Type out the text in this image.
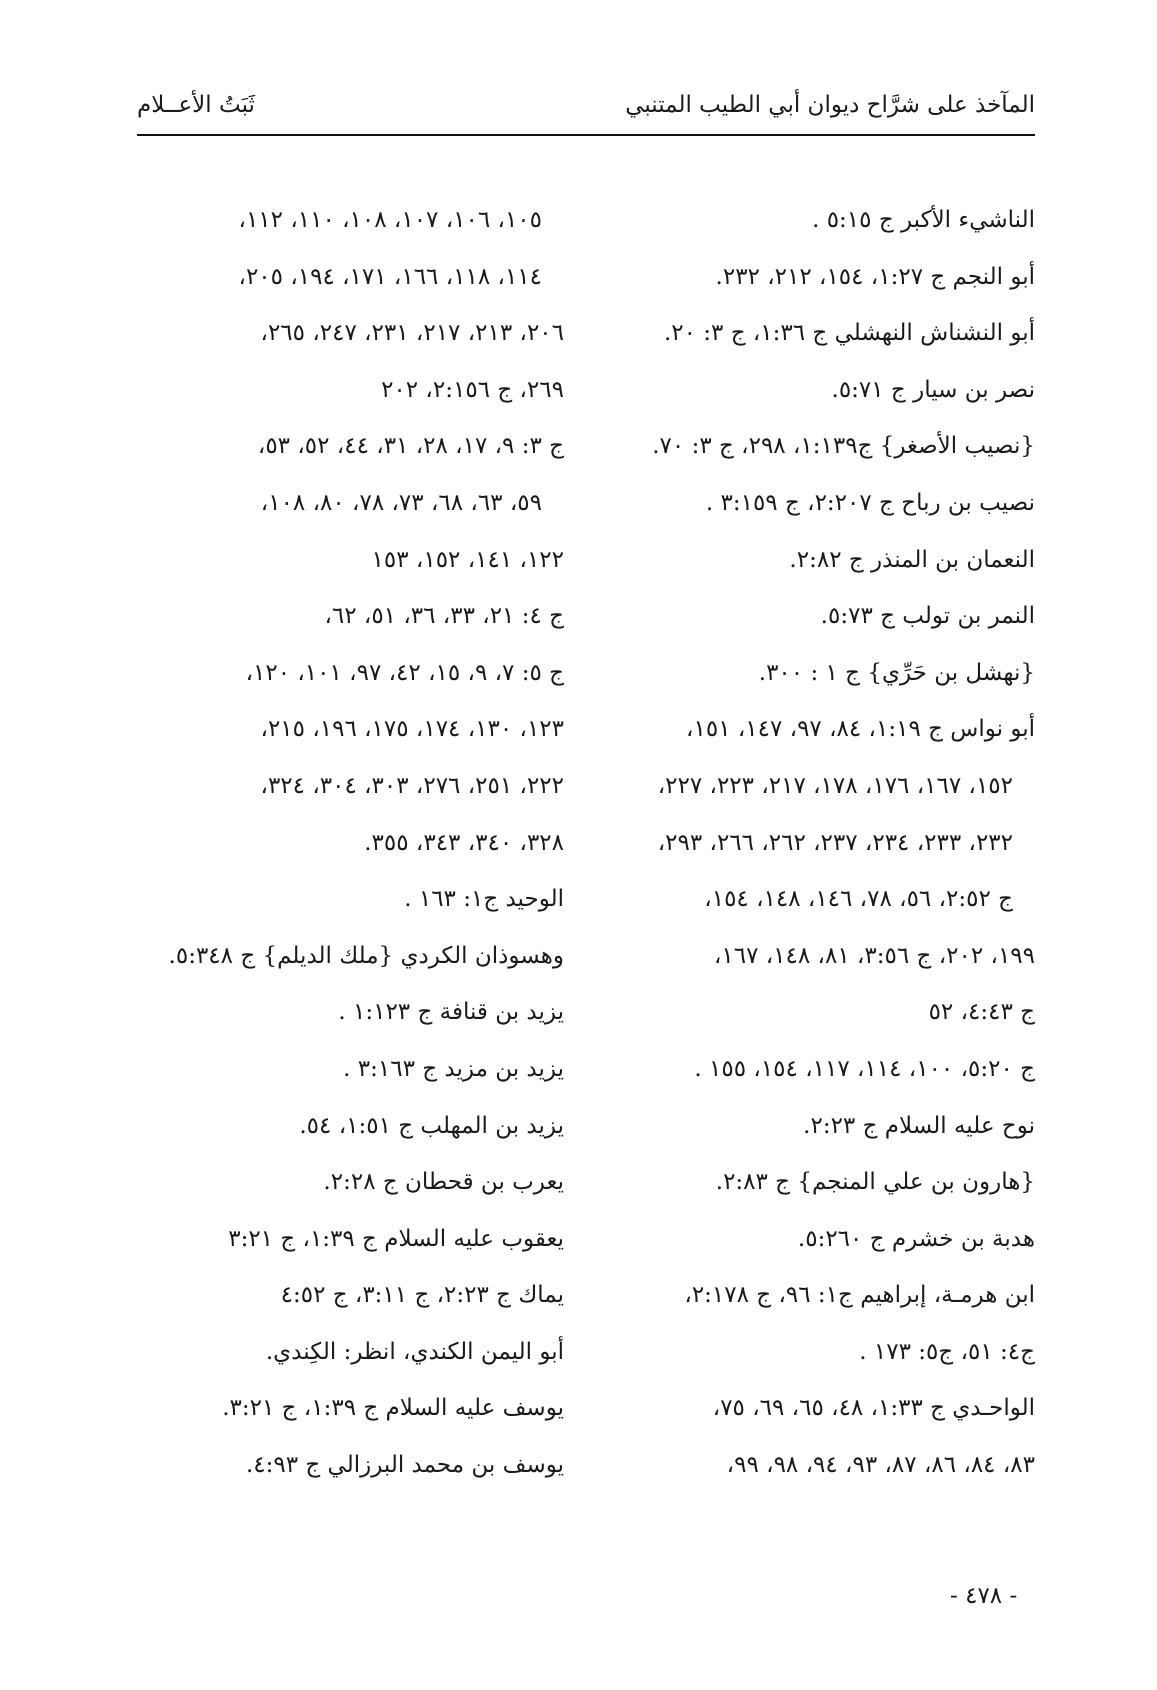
المآخذ على شرَّاح ديوان أبي الطيب المتنبي
ثَبَتُ الأعــلام
الناشيء الأكبر ج ٥:١٥ .
أبو النجم ج ١:٢٧، ١٥٤، ٢١٢، ٢٣٢.
أبو النشناش النهشلي ج ١:٣٦، ج ٣: ٢٠.
نصر بن سيار ج ٥:٧١.
{نصيب الأصغر} ج١:١٣٩، ٢٩٨، ج ٣: ٧٠.
نصيب بن رباح ج ٢:٢٠٧، ج ٣:١٥٩ .
النعمان بن المنذر ج ٢:٨٢.
النمر بن تولب ج ٥:٧٣.
{نهشل بن حَرِّي} ج ١ : ٣٠٠.
أبو نواس ج ١:١٩، ٨٤، ٩٧، ١٤٧، ١٥١،
١٥٢، ١٦٧، ١٧٦، ١٧٨، ٢١٧، ٢٢٣، ٢٢٧،
٢٣٢، ٢٣٣، ٢٣٤، ٢٣٧، ٢٦٢، ٢٦٦، ٢٩٣،
ج ٢:٥٢، ٥٦، ٧٨، ١٤٦، ١٤٨، ١٥٤،
١٩٩، ٢٠٢، ج ٣:٥٦، ٨١، ١٤٨، ١٦٧،
ج ٤:٤٣، ٥٢
ج ٥:٢٠، ١٠٠، ١١٤، ١١٧، ١٥٤، ١٥٥ .
نوح عليه السلام ج ٢:٢٣.
{هارون بن علي المنجم} ج ٢:٨٣.
هدبة بن خشرم ج ٥:٢٦٠.
ابن هرمـة، إبراهيم ج١: ٩٦، ج ٢:١٧٨،
ج٤: ٥١، ج٥: ١٧٣ .
الواحـدي ج ١:٣٣، ٤٨، ٦٥، ٦٩، ٧٥،
٨٣، ٨٤، ٨٦، ٨٧، ٩٣، ٩٤، ٩٨، ٩٩،
١٠٥، ١٠٦، ١٠٧، ١٠٨، ١١٠، ١١٢،
١١٤، ١١٨، ١٦٦، ١٧١، ١٩٤، ٢٠٥،
٢٠٦، ٢١٣، ٢١٧، ٢٣١، ٢٤٧، ٢٦٥،
٢٦٩، ج ٢:١٥٦، ٢٠٢
ج ٣: ٩، ١٧، ٢٨، ٣١، ٤٤، ٥٢، ٥٣،
٥٩، ٦٣، ٦٨، ٧٣، ٧٨، ٨٠، ١٠٨،
١٢٢، ١٤١، ١٥٢، ١٥٣
ج ٤: ٢١، ٣٣، ٣٦، ٥١، ٦٢،
ج ٥: ٧، ٩، ١٥، ٤٢، ٩٧، ١٠١، ١٢٠،
١٢٣، ١٣٠، ١٧٤، ١٧٥، ١٩٦، ٢١٥،
٢٢٢، ٢٥١، ٢٧٦، ٣٠٣، ٣٠٤، ٣٢٤،
٣٢٨، ٣٤٠، ٣٤٣، ٣٥٥.
الوحيد ج١: ١٦٣ .
وهسوذان الكردي {ملك الديلم} ج ٥:٣٤٨.
يزيد بن قنافة ج ١:١٢٣ .
يزيد بن مزيد ج ٣:١٦٣ .
يزيد بن المهلب ج ١:٥١، ٥٤.
يعرب بن قحطان ج ٢:٢٨.
يعقوب عليه السلام ج ١:٣٩، ج ٣:٢١
يماك ج ٢:٢٣، ج ٣:١١، ج ٤:٥٢
أبو اليمن الكندي، انظر: الكِندي.
يوسف عليه السلام ج ١:٣٩، ج ٣:٢١.
يوسف بن محمد البرزالي ج ٤:٩٣.
- ٤٧٨ -
